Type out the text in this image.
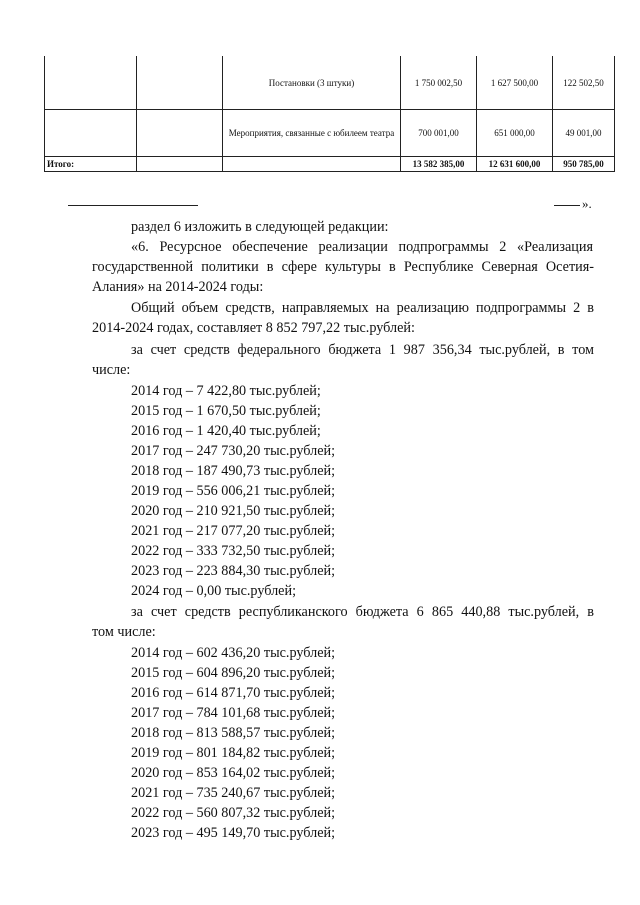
		Постановки (3 штуки)	1 750 002,50	1 627 500,00	122 502,50
		Мероприятия, связанные с юбилеем театра	700 001,00	651 000,00	49 001,00
Итого:			13 582 385,00	12 631 600,00	950 785,00
».
раздел 6 изложить в следующей редакции:
«6. Ресурсное обеспечение реализации подпрограммы 2 «Реализация
государственной политики в сфере культуры в Республике Северная Осетия-
Алания» на 2014-2024 годы:
Общий объем средств, направляемых на реализацию подпрограммы 2 в
2014-2024 годах, составляет 8 852 797,22 тыс.рублей:
за счет средств федерального бюджета 1 987 356,34 тыс.рублей, в том
числе:
2014 год – 7 422,80 тыс.рублей;
2015 год – 1 670,50 тыс.рублей;
2016 год – 1 420,40 тыс.рублей;
2017 год – 247 730,20 тыс.рублей;
2018 год – 187 490,73 тыс.рублей;
2019 год – 556 006,21 тыс.рублей;
2020 год – 210 921,50 тыс.рублей;
2021 год – 217 077,20 тыс.рублей;
2022 год – 333 732,50 тыс.рублей;
2023 год – 223 884,30 тыс.рублей;
2024 год – 0,00 тыс.рублей;
за счет средств республиканского бюджета 6 865 440,88 тыс.рублей, в
том числе:
2014 год – 602 436,20 тыс.рублей;
2015 год – 604 896,20 тыс.рублей;
2016 год – 614 871,70 тыс.рублей;
2017 год – 784 101,68 тыс.рублей;
2018 год – 813 588,57 тыс.рублей;
2019 год – 801 184,82 тыс.рублей;
2020 год – 853 164,02 тыс.рублей;
2021 год – 735 240,67 тыс.рублей;
2022 год – 560 807,32 тыс.рублей;
2023 год – 495 149,70 тыс.рублей;
